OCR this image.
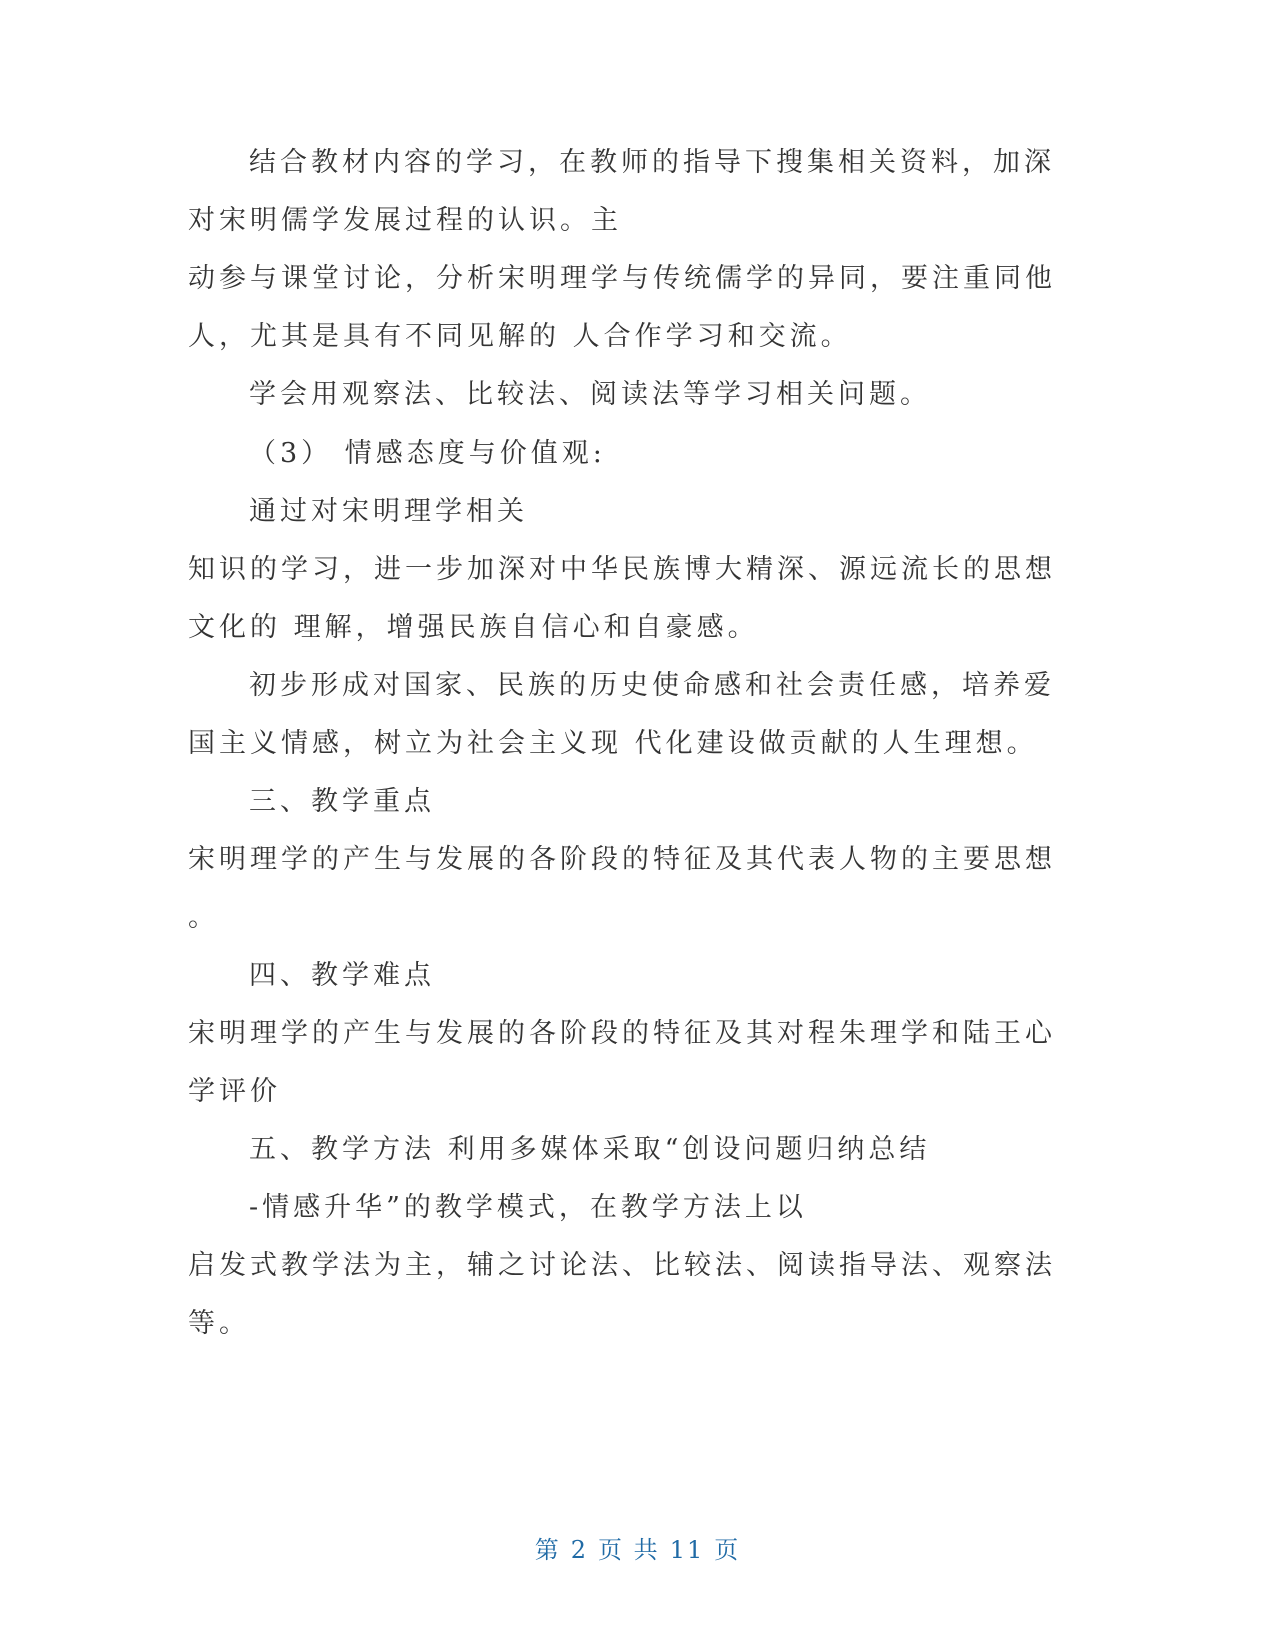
结合教材内容的学习，在教师的指导下搜集相关资料，加深
对宋明儒学发展过程的认识。主
动参与课堂讨论，分析宋明理学与传统儒学的异同，要注重同他
人，尤其是具有不同见解的 人合作学习和交流。
学会用观察法、比较法、阅读法等学习相关问题。
（3） 情感态度与价值观:
通过对宋明理学相关
知识的学习，进一步加深对中华民族博大精深、源远流长的思想
文化的 理解，增强民族自信心和自豪感。
初步形成对国家、民族的历史使命感和社会责任感，培养爱
国主义情感，树立为社会主义现 代化建设做贡献的人生理想。
三、教学重点
宋明理学的产生与发展的各阶段的特征及其代表人物的主要思想
。
四、教学难点
宋明理学的产生与发展的各阶段的特征及其对程朱理学和陆王心
学评价
五、教学方法 利用多媒体采取“创设问题归纳总结
-情感升华”的教学模式，在教学方法上以
启发式教学法为主，辅之讨论法、比较法、阅读指导法、观察法
等。
第 2 页 共 11 页
